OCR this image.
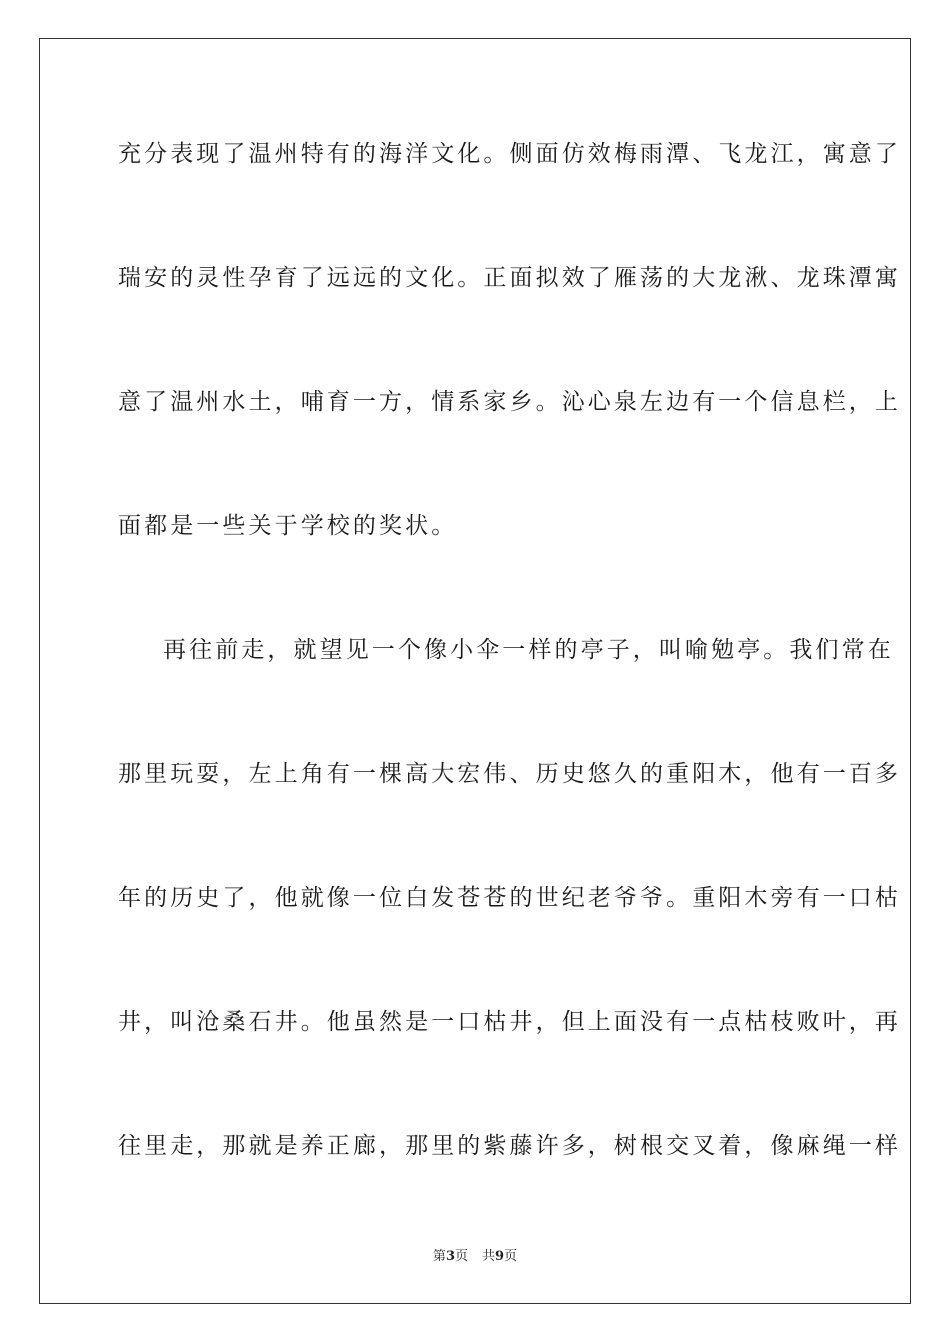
充分表现了温州特有的海洋文化。侧面仿效梅雨潭、飞龙江，寓意了
瑞安的灵性孕育了远远的文化。正面拟效了雁荡的大龙湫、龙珠潭寓
意了温州水土，哺育一方，情系家乡。沁心泉左边有一个信息栏，上
面都是一些关于学校的奖状。
再往前走，就望见一个像小伞一样的亭子，叫喻勉亭。我们常在
那里玩耍，左上角有一棵高大宏伟、历史悠久的重阳木，他有一百多
年的历史了，他就像一位白发苍苍的世纪老爷爷。重阳木旁有一口枯
井，叫沧桑石井。他虽然是一口枯井，但上面没有一点枯枝败叶，再
往里走，那就是养正廊，那里的紫藤许多，树根交叉着，像麻绳一样
第3页 共9页
